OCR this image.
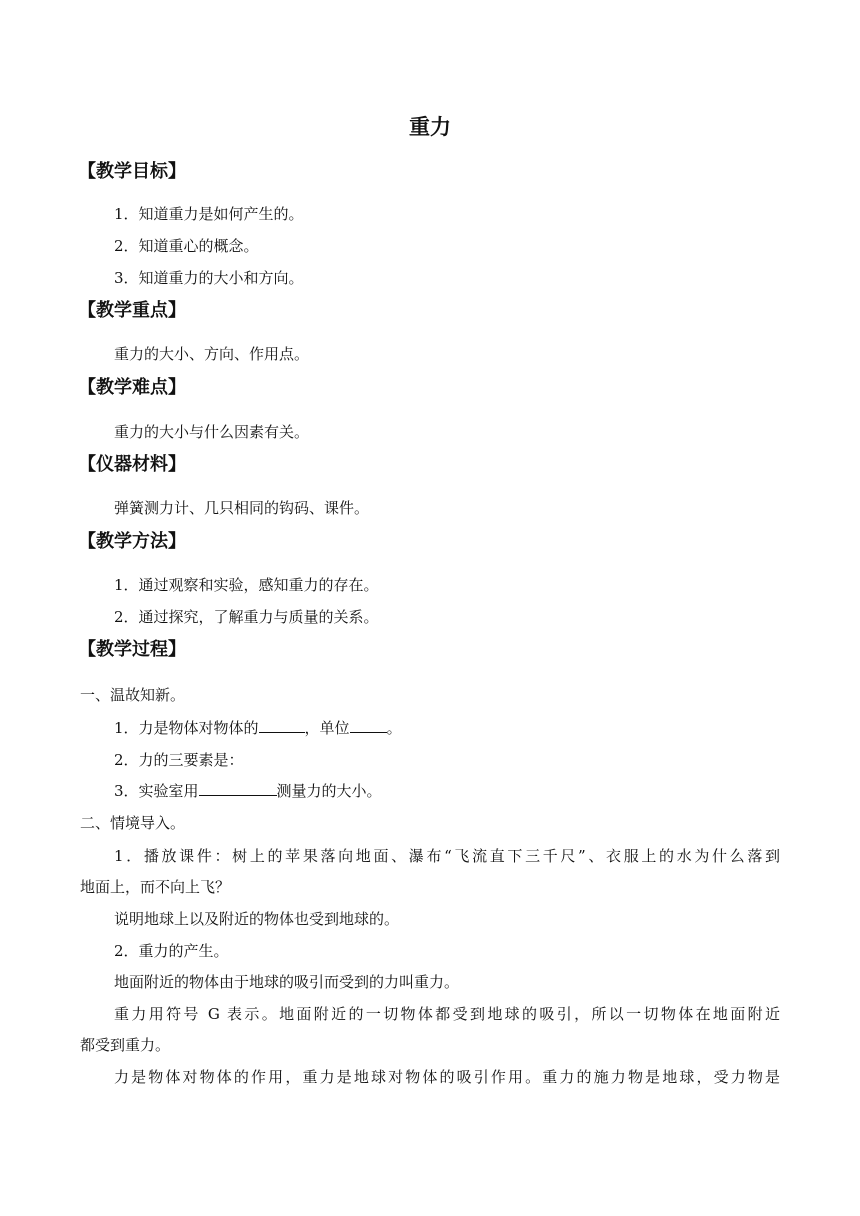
重力
【教学目标】
1．知道重力是如何产生的。
2．知道重心的概念。
3．知道重力的大小和方向。
【教学重点】
重力的大小、方向、作用点。
【教学难点】
重力的大小与什么因素有关。
【仪器材料】
弹簧测力计、几只相同的钩码、课件。
【教学方法】
1．通过观察和实验，感知重力的存在。
2．通过探究，了解重力与质量的关系。
【教学过程】
一、温故知新。
1．力是物体对物体的	，单位 。
2．力的三要素是：
3．实验室用	测量力的大小。
二、情境导入。
1．播放课件：树上的苹果落向地面、瀑布“飞流直下三千尺”、衣服上的水为什么落到
地面上，而不向上飞？
说明地球上以及附近的物体也受到地球的。
2．重力的产生。
地面附近的物体由于地球的吸引而受到的力叫重力。
重力用符号 G 表示。地面附近的一切物体都受到地球的吸引，所以一切物体在地面附近
都受到重力。
力是物体对物体的作用，重力是地球对物体的吸引作用。重力的施力物是地球，受力物是
